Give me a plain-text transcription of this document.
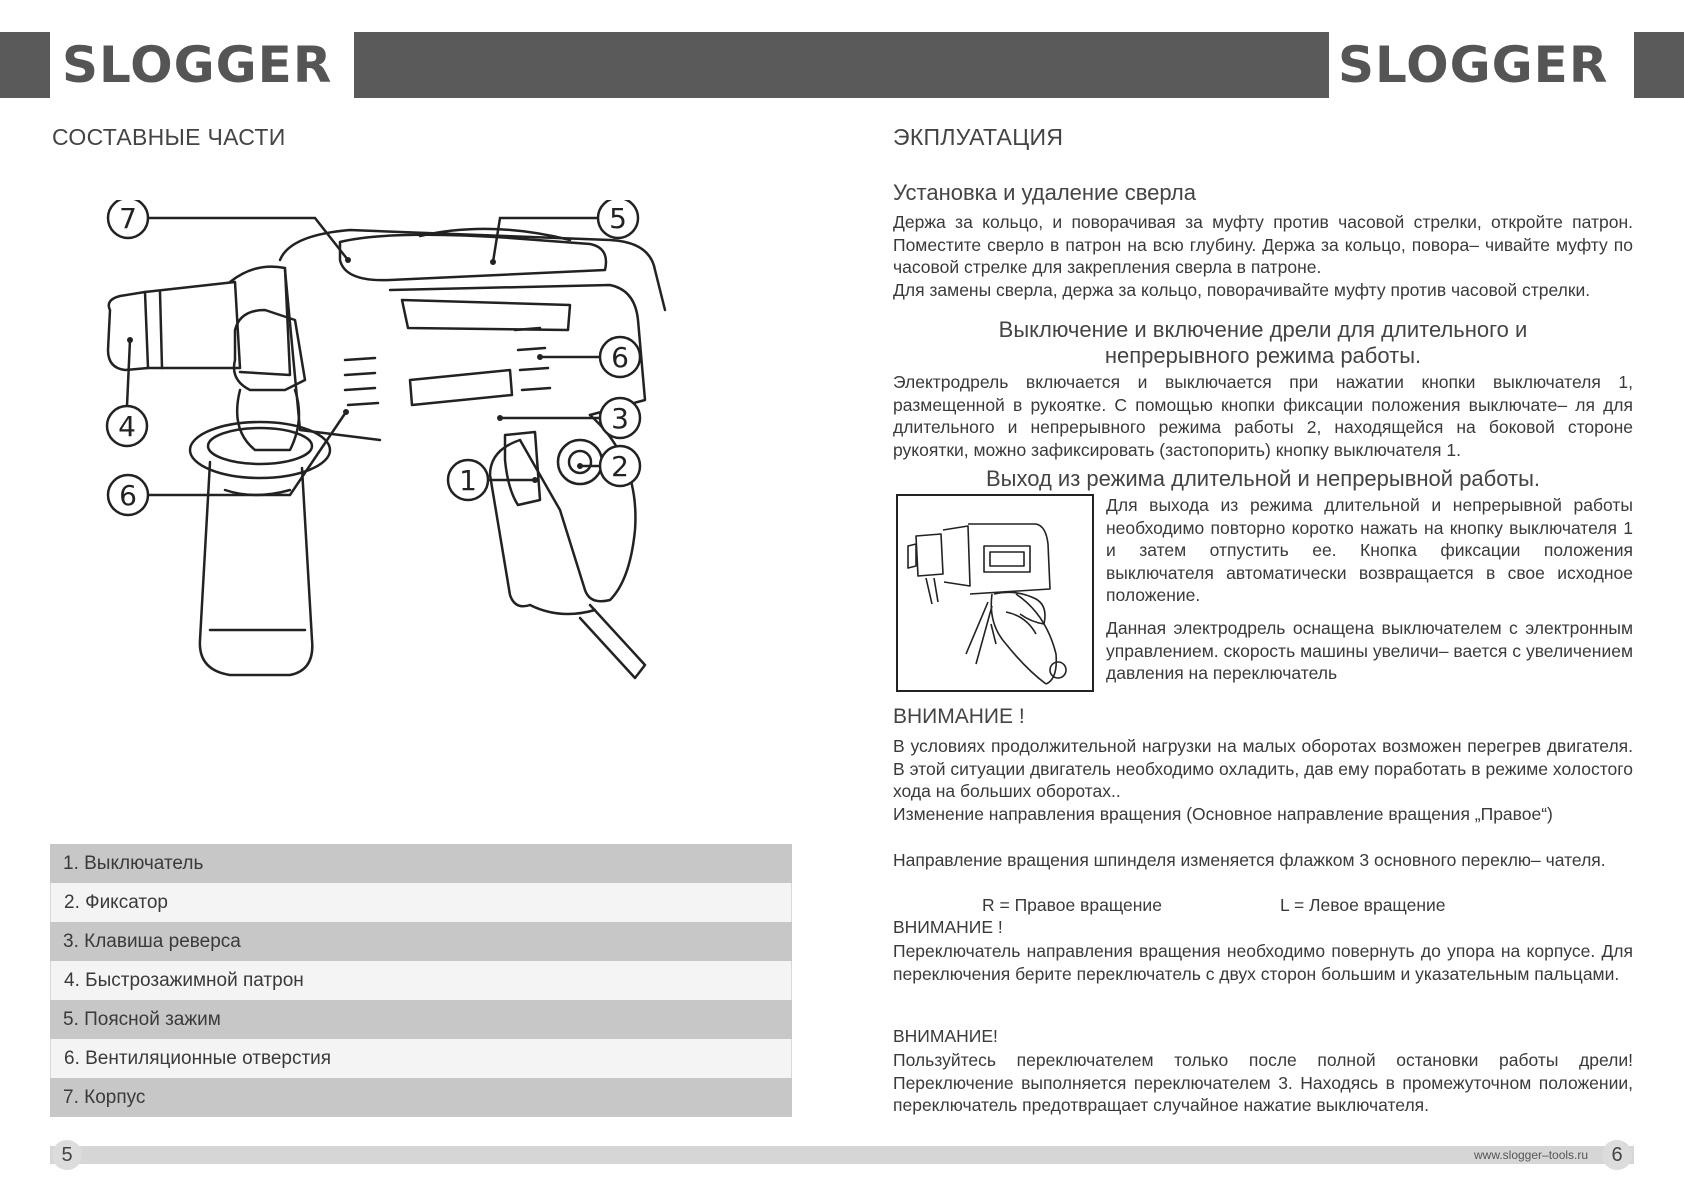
SLOGGER	SLOGGER
СОСТАВНЫЕ ЧАСТИ
7	5
6
3
2
1
4
6
1. Выключатель
2. Фиксатор
3. Клавиша реверса
4. Быстрозажимной патрон
5. Поясной зажим
6. Вентиляционные отверстия
7. Корпус
ЭКПЛУАТАЦИЯ
Установка и удаление сверла
Держа за кольцо, и поворачивая за муфту против часовой стрелки, откройте патрон. Поместите сверло в патрон на всю глубину. Держа за кольцо, повора– чивайте муфту по часовой стрелке для закрепления сверла в патроне.
Для замены сверла, держа за кольцо, поворачивайте муфту против часовой стрелки.
Выключение и включение дрели для длительного и
непрерывного режима работы.
Электродрель включается и выключается при нажатии кнопки выключателя 1, размещенной в рукоятке. С помощью кнопки фиксации положения выключате– ля для длительного и непрерывного режима работы 2, находящейся на боковой стороне рукоятки, можно зафиксировать (застопорить) кнопку выключателя 1.
Выход из режима длительной и непрерывной работы.
Для выхода из режима длительной и непрерывной работы необходимо повторно коротко нажать на кнопку выключателя 1 и затем отпустить ее. Кнопка фиксации положения выключателя автоматически возвращается в свое исходное положение.
Данная электродрель оснащена выключателем с электронным управлением. скорость машины увеличи– вается с увеличением давления на переключатель
ВНИМАНИЕ !
В условиях продолжительной нагрузки на малых оборотах возможен перегрев двигателя. В этой ситуации двигатель необходимо охладить, дав ему поработать в режиме холостого хода на больших оборотах..
Изменение направления вращения (Основное направление вращения „Правое“)
Направление вращения шпинделя изменяется флажком 3 основного переклю– чателя.
R = Правое вращение	L = Левое вращение
ВНИМАНИЕ !
Переключатель направления вращения необходимо повернуть до упора на корпусе. Для переключения берите переключатель с двух сторон большим и указательным пальцами.
ВНИМАНИЕ!
Пользуйтесь переключателем только после полной остановки работы дрели! Переключение выполняется переключателем 3. Находясь в промежуточном положении, переключатель предотвращает случайное нажатие выключателя.
5	www.slogger–tools.ru	6
